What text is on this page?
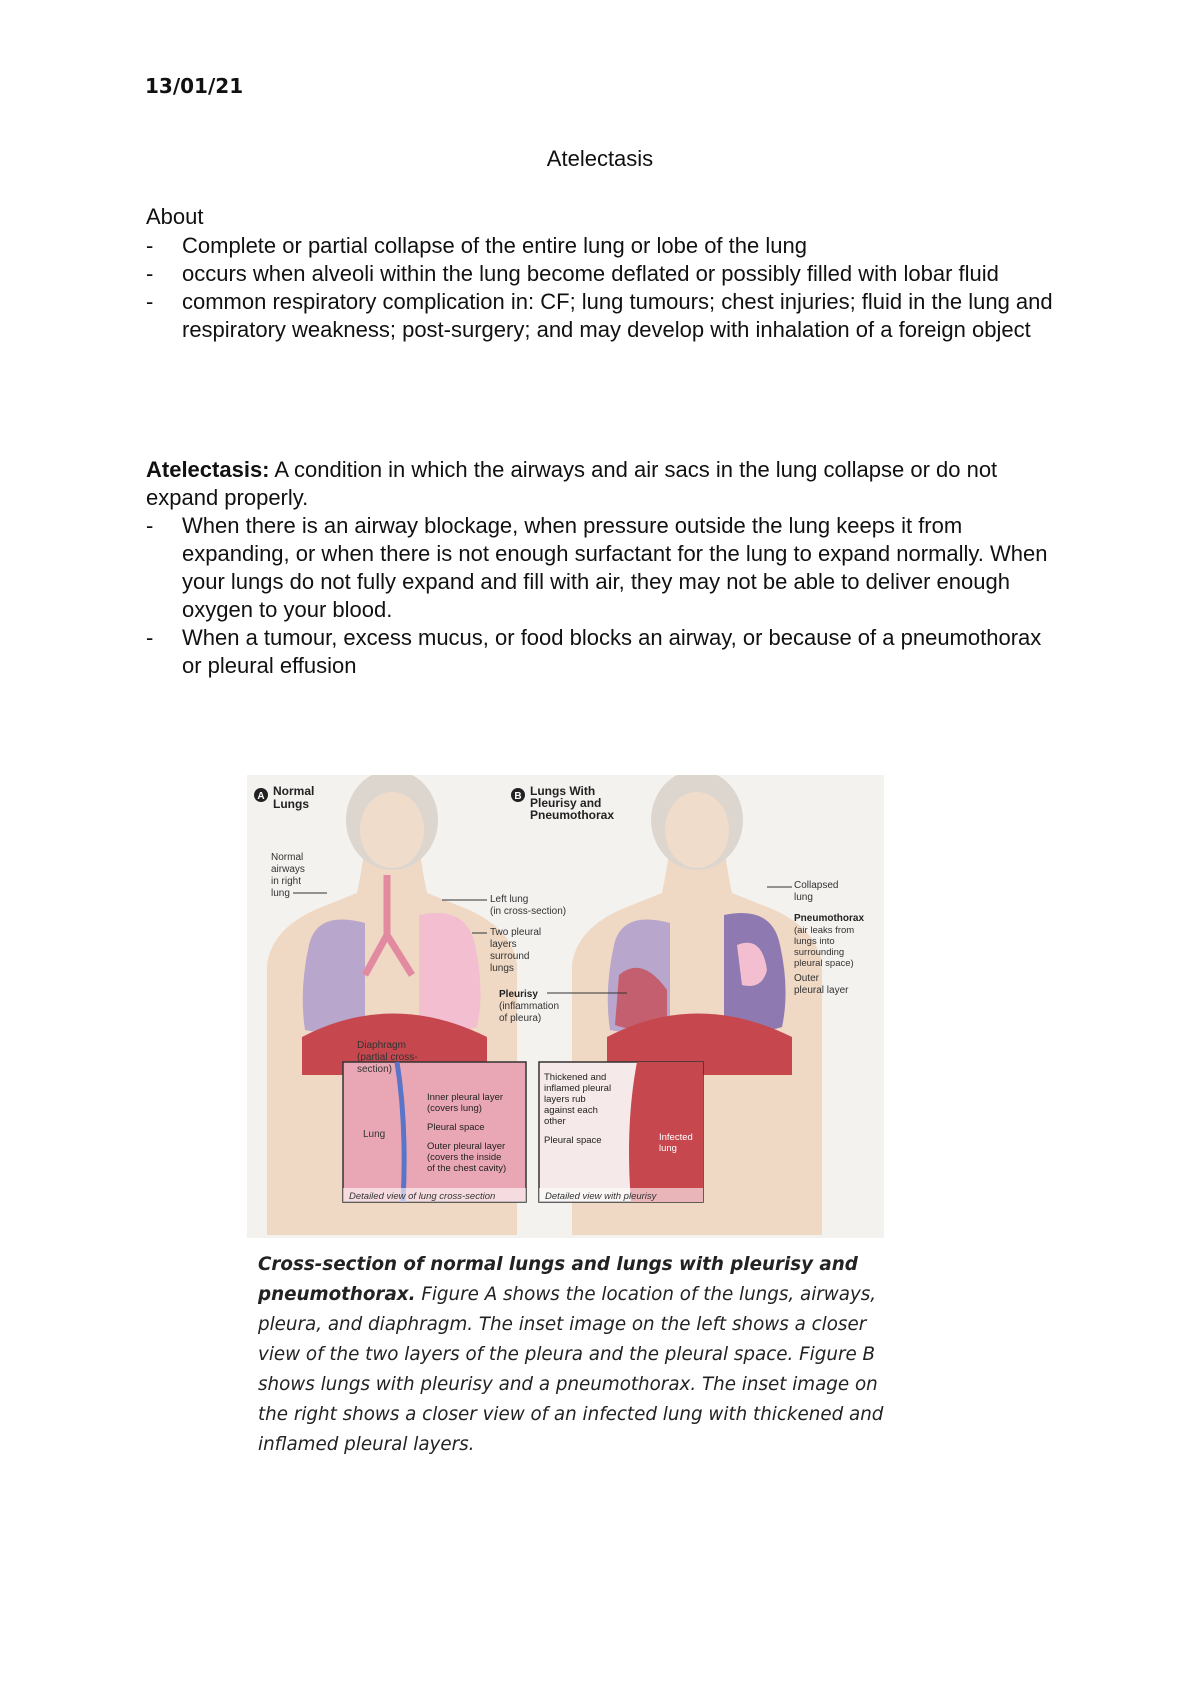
13/01/21
Atelectasis
About
- Complete or partial collapse of the entire lung or lobe of the lung
- occurs when alveoli within the lung become deflated or possibly filled with lobar fluid
- common respiratory complication in: CF; lung tumours; chest injuries; fluid in the lung and respiratory weakness; post-surgery; and may develop with inhalation of a foreign object
Atelectasis: A condition in which the airways and air sacs in the lung collapse or do not expand properly.
- When there is an airway blockage, when pressure outside the lung keeps it from expanding, or when there is not enough surfactant for the lung to expand normally. When your lungs do not fully expand and fill with air, they may not be able to deliver enough oxygen to your blood.
- When a tumour, excess mucus, or food blocks an airway, or because of a pneumothorax or pleural effusion
A Normal
Lungs
Normal
airways
in right
lung
Left lung
(in cross-section)
Two pleural
layers
surround
lungs
Diaphragm
(partial cross-
section)
Lung
Inner pleural layer
(covers lung)
Pleural space
Outer pleural layer
(covers the inside
of the chest cavity)
Detailed view of lung cross-section
B Lungs With
Pleurisy and
Pneumothorax
Collapsed
lung
Pneumothorax
(air leaks from
lungs into
surrounding
pleural space)
Outer
pleural layer
Pleurisy
(inflammation
of pleura)
Thickened and
inflamed pleural
layers rub
against each
other
Pleural space	Infected
lung
Detailed view with pleurisy
Cross-section of normal lungs and lungs with pleurisy and pneumothorax. Figure A shows the location of the lungs, airways, pleura, and diaphragm. The inset image on the left shows a closer view of the two layers of the pleura and the pleural space. Figure B shows lungs with pleurisy and a pneumothorax. The inset image on the right shows a closer view of an infected lung with thickened and inflamed pleural layers.
